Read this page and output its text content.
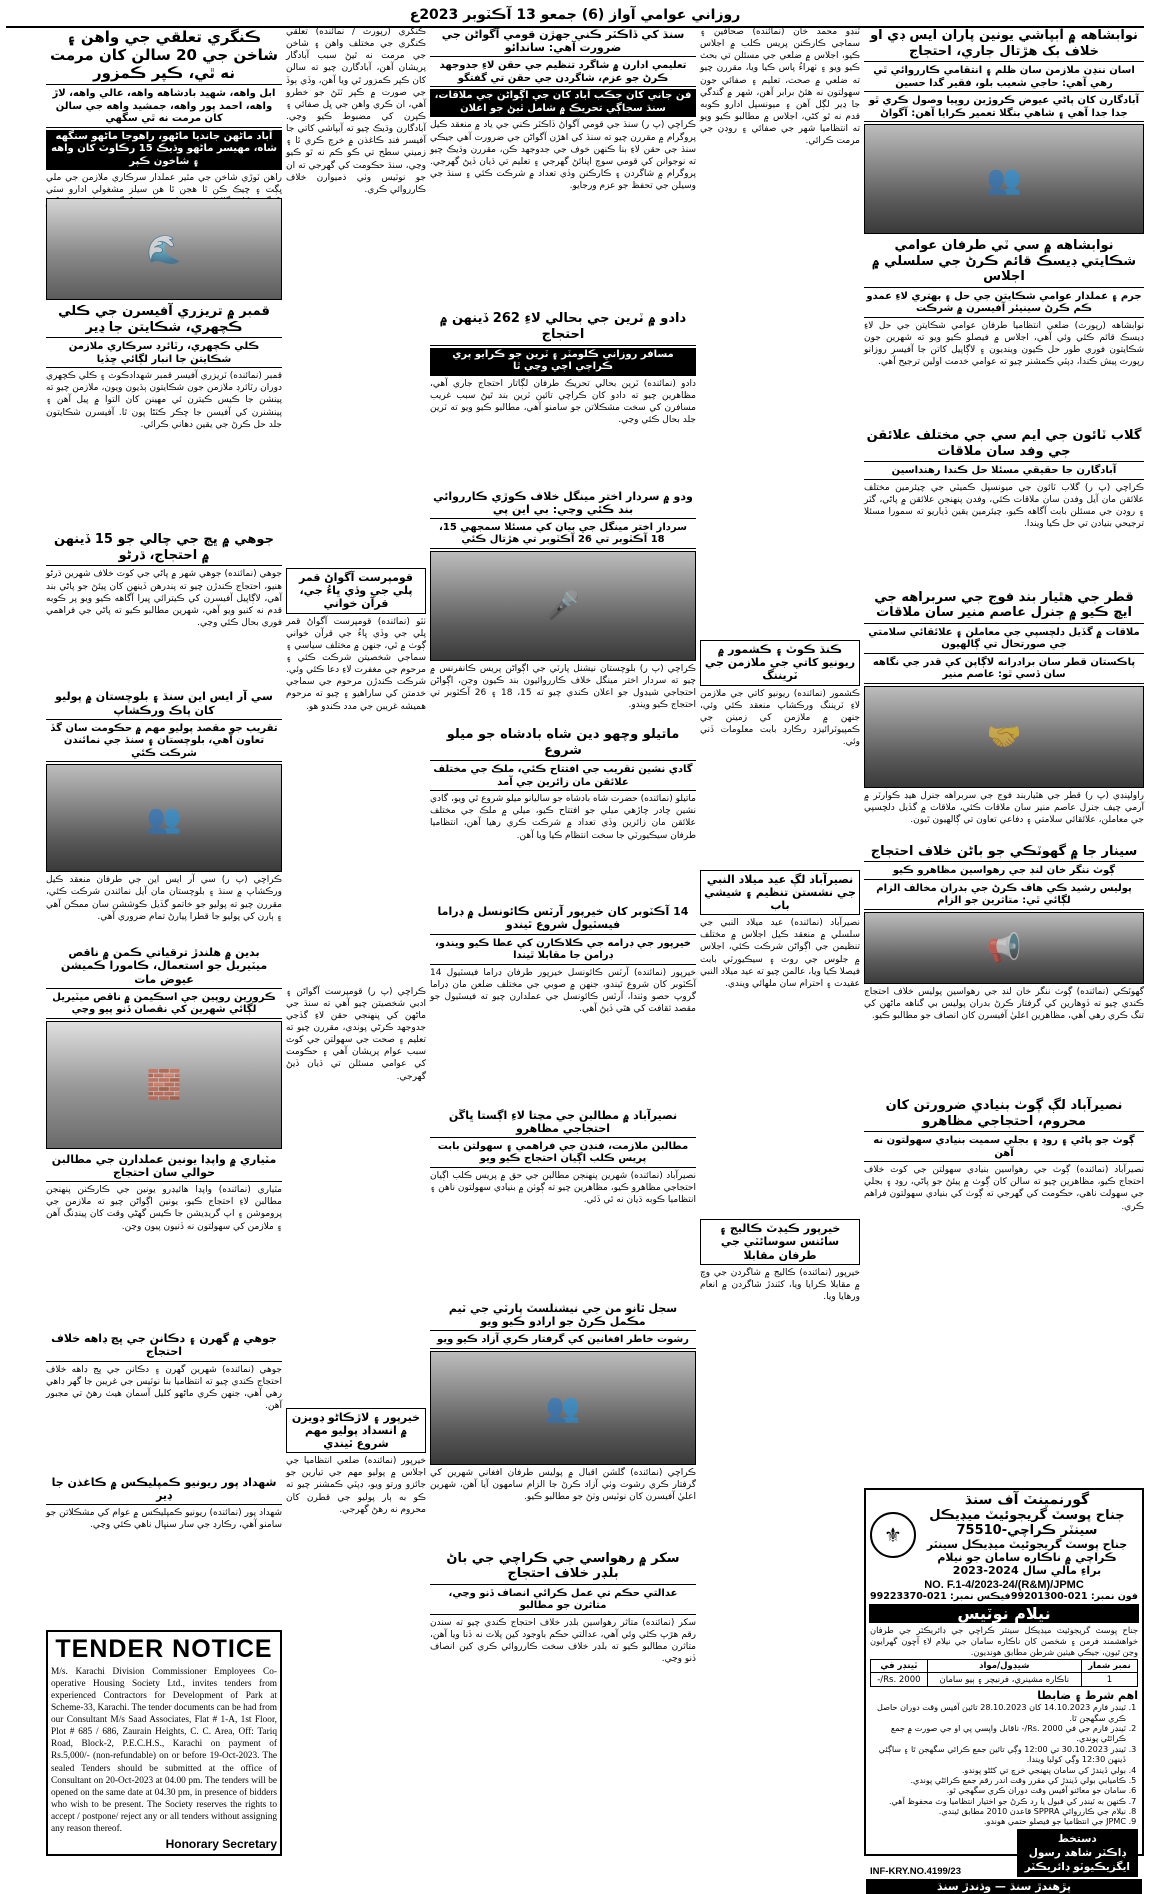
روزاني عوامي آواز (6) جمعو 13 آڪٽوبر 2023ع
نوابشاهه ۾ آبپاشي يونين پاران ايس ڊي او خلاف بک هڙتال جاري، احتجاج
اسان ننڍن ملازمن سان ظلم ۽ انتقامي ڪارروائي ٿي رهي آهي: حاجي شعيب بلو، فقير گدا حسين
آبادگارن کان پاڻي عيوض ڪروڙين روپيا وصول ڪري ٿو جدا جدا آهي ۽ شاهي بنگلا تعمير ڪرايا آهن: آگواڻ
👥
نوابشاهه ۾ سي ٽي طرفان عوامي شڪايتي ڊيسڪ قائم ڪرڻ جي سلسلي ۾ اجلاس
جرم ۽ عملدار عوامي شڪايتن جي حل ۽ بهتري لاءِ عمدو ڪم ڪرڻ سينيئر آفيسرن ۾ شرڪت
نوابشاهه (رپورٽ) ضلعي انتظاميا طرفان عوامي شڪايتن جي حل لاءِ ڊيسڪ قائم ڪئي وئي آهي، اجلاس ۾ فيصلو ڪيو ويو ته شهرين جون شڪايتون فوري طور حل ڪيون وينديون ۽ لاڳاپيل کاتن جا آفيسر روزانو رپورٽ پيش ڪندا، ڊپٽي ڪمشنر چيو ته عوامي خدمت اولين ترجيح آهي.
گلاب ٽائون جي ايم سي جي مختلف علائقن جي وفد سان ملاقات
آبادگارن جا حقيقي مسئلا حل ڪندا رهنداسين
ڪراچي (پ ر) گلاب ٽائون جي ميونسپل ڪميٽي جي چيئرمين مختلف علائقن مان آيل وفدن سان ملاقات ڪئي، وفدن پنهنجن علائقن ۾ پاڻي، گٽر ۽ روڊن جي مسئلن بابت آگاهه ڪيو، چيئرمين يقين ڏياريو ته سمورا مسئلا ترجيحي بنيادن تي حل ڪيا ويندا.
قطر جي هٿيار بند فوج جي سربراهه جي ايڇ ڪيو ۾ جنرل عاصم منير سان ملاقات
ملاقات ۾ گڏيل دلچسپي جي معاملن ۽ علائقائي سلامتي جي صورتحال تي ڳالهيون
پاڪستان قطر سان برادرانه لاڳاپن کي قدر جي نگاهه سان ڏسي ٿو: عاصم منير
🤝
راولپنڊي (پ ر) قطر جي هٿياربند فوج جي سربراهه جنرل هيڊ ڪوارٽر ۾ آرمي چيف جنرل عاصم منير سان ملاقات ڪئي، ملاقات ۾ گڏيل دلچسپي جي معاملن، علائقائي سلامتي ۽ دفاعي تعاون تي ڳالهيون ٿيون.
سينار جا ۾ گهوٽڪي جو باڻن خلاف احتجاج
ڳوٺ ننگر خان لنڊ جي رهواسين مظاهرو ڪيو
پوليس رشيد ڪي هاف ڪرڻ جي بدران مخالف الزام لڳائي ٿي: متاثرين جو الزام
📢
گهوٽڪي (نمائنده) ڳوٺ ننگر خان لنڊ جي رهواسين پوليس خلاف احتجاج ڪندي چيو ته ڏوهارين کي گرفتار ڪرڻ بدران پوليس بي گناهه ماڻهن کي تنگ ڪري رهي آهي، مظاهرين اعليٰ آفيسرن کان انصاف جو مطالبو ڪيو.
نصيرآباد لڳ ڳوٺ بنيادي ضرورتن کان محروم، احتجاجي مظاهرو
ڳوٺ جو پاڻي ۽ روڊ ۽ بجلي سميت بنيادي سهولتون نه آهن
نصيرآباد (نمائنده) ڳوٺ جي رهواسين بنيادي سهولتن جي کوٽ خلاف احتجاج ڪيو، مظاهرين چيو ته سالن کان ڳوٺ ۾ پيئڻ جو پاڻي، روڊ ۽ بجلي جي سهولت ناهي، حڪومت کي گهرجي ته ڳوٺ کي بنيادي سهولتون فراهم ڪري.
گورنمينٽ آف سنڌ
جناح پوسٽ گريجوئيٽ ميڊيڪل سينٽر ڪراچي-75510
جناح پوسٽ گريجوئيٽ ميڊيڪل سينٽر ڪراچي ۾ ناڪاره سامان جو نيلام
براءِ مالي سال 2024-2023
⚜
NO. F.1-4/2023-24/(R&M)/JPMC
فون نمبر: 021-99201300
فيڪس نمبر: 021-99223370
نيلام نوٽيس
جناح پوسٽ گريجوئيٽ ميڊيڪل سينٽر ڪراچي جي ڊائريڪٽر جي طرفان خواهشمند فرمن ۽ شخصن کان ناڪاره سامان جي نيلام لاءِ آڇون گهرايون وڃن ٿيون، جيڪي هيٺين شرطن مطابق هونديون.
نمبر شمار	شيڊول/مواد	ٽينڊر في
1	ناڪاره مشينري، فرنيچر ۽ ٻيو سامان	Rs. 2000/-
اهم شرط ۽ ضابطا
1. ٽينڊر فارم 14.10.2023 کان 28.10.2023 تائين آفيس وقت دوران حاصل ڪري سگهجن ٿا.
2. ٽينڊر فارم جي في Rs. 2000/- ناقابل واپسي پي او جي صورت ۾ جمع ڪرائڻي پوندي.
3. ٽينڊر 30.10.2023 تي 12:00 وڳي تائين جمع ڪرائي سگهجن ٿا ۽ ساڳئي ڏينهن 12:30 وڳي کوليا ويندا.
4. بولي ڏيندڙ کي سامان پنهنجي خرچ تي کڻڻو پوندو.
5. ڪاميابي بولي ڏيندڙ کي مقرر وقت اندر رقم جمع ڪرائڻي پوندي.
6. سامان جو معائنو آفيس وقت دوران ڪري سگهجي ٿو.
7. ڪنهن به ٽينڊر کي قبول يا رد ڪرڻ جو اختيار انتظاميا وٽ محفوظ آهي.
8. نيلام جي ڪارروائي SPPRA قاعدن 2010 مطابق ٿيندي.
9. JPMC جي انتظاميا جو فيصلو حتمي هوندو.
دستخط
ڊاڪٽر شاهد رسول
ايگزيڪيوٽو ڊائريڪٽر
INF-KRY.NO.4199/23
پڙهندڙ سنڌ — وڌندڙ سنڌ
ٽنڊو محمد خان (نمائنده) صحافين ۽ سماجي ڪارڪنن پريس ڪلب ۾ اجلاس ڪيو، اجلاس ۾ ضلعي جي مسئلن تي بحث ڪيو ويو ۽ ٺهراءُ پاس ڪيا ويا، مقررن چيو ته ضلعي ۾ صحت، تعليم ۽ صفائي جون سهولتون نه هئڻ برابر آهن، شهر ۾ گندگي جا ڍير لڳل آهن ۽ ميونسپل ادارو ڪوبه قدم نه ٿو کڻي، اجلاس ۾ مطالبو ڪيو ويو ته انتظاميا شهر جي صفائي ۽ روڊن جي مرمت ڪرائي.
ڪنڌ ڪوٽ ۽ ڪشمور ۾ ريونيو کاتي جي ملازمن جي ٽريننگ
ڪشمور (نمائنده) ريونيو کاتي جي ملازمن لاءِ ٽريننگ ورڪشاپ منعقد ڪئي وئي، جنهن ۾ ملازمن کي زمينن جي ڪمپيوٽرائيزڊ رڪارڊ بابت معلومات ڏني وئي.
نصيرآباد لڳ عيد ميلاد النبي جي نشستن تنظيم ۽ شيشي باب
نصيرآباد (نمائنده) عيد ميلاد النبي جي سلسلي ۾ منعقد ڪيل اجلاس ۾ مختلف تنظيمن جي اڳواڻن شرڪت ڪئي، اجلاس ۾ جلوس جي روٽ ۽ سيڪيورٽي بابت فيصلا ڪيا ويا، عالمن چيو ته عيد ميلاد النبي عقيدت ۽ احترام سان ملهائي ويندي.
خيرپور ڪيڊٽ ڪاليج ۽ سائنس سوسائٽي جي طرفان مقابلا
خيرپور (نمائنده) ڪاليج ۾ شاگردن جي وچ ۾ مقابلا ڪرايا ويا، کٽندڙ شاگردن ۾ انعام ورهايا ويا.
سنڌ کي ڏاڪٽر ڪني جهڙن قومي آگواڻن جي ضرورت آهي: ساندائو
تعليمي ادارن ۾ شاگرد تنظيم جي حقن لاءِ جدوجهد ڪرڻ جو عزم، شاگردن جي حقن تي گفتگو
فن جاني کان جڪب آباد کان جي اڳواڻن جي ملاقات، سنڌ سجاڳي تحريڪ ۾ شامل ٿيڻ جو اعلان
ڪراچي (پ ر) سنڌ جي قومي آگواڻ ڏاڪٽر ڪني جي ياد ۾ منعقد ڪيل پروگرام ۾ مقررن چيو ته سنڌ کي اهڙن آگواڻن جي ضرورت آهي جيڪي سنڌ جي حقن لاءِ بنا ڪنهن خوف جي جدوجهد ڪن، مقررن وڌيڪ چيو ته نوجوانن کي قومي سوچ اپنائڻ گهرجي ۽ تعليم تي ڌيان ڏيڻ گهرجي. پروگرام ۾ شاگردن ۽ ڪارڪنن وڏي تعداد ۾ شرڪت ڪئي ۽ سنڌ جي وسيلن جي تحفظ جو عزم ورجايو.
دادو ۾ ٽرين جي بحالي لاءِ 262 ڏينهن ۾ احتجاج
مسافر روزاني ڪلومٽر ۽ ٽرين جو ڪرايو پري ڪراچي اچي وڃي ٿا
دادو (نمائنده) ٽرين بحالي تحريڪ طرفان لڳاتار احتجاج جاري آهي، مظاهرين چيو ته دادو کان ڪراچي تائين ٽرين بند ٿيڻ سبب غريب مسافرن کي سخت مشڪلاتن جو سامنو آهي، مطالبو ڪيو ويو ته ٽرين جلد بحال ڪئي وڃي.
ودو ۾ سردار اختر مينگل خلاف ڪوڙي ڪارروائي بند ڪئي وڃي: بي اين پي
سردار اختر مينگل جي بيان کي مسئلا سمجهي 15، 18 آڪٽوبر تي 26 آڪٽوبر تي هڙتال ڪئي
🎤
ڪراچي (پ ر) بلوچستان نيشنل پارٽي جي اڳواڻن پريس ڪانفرنس ۾ چيو ته سردار اختر مينگل خلاف ڪارروائيون بند ڪيون وڃن، اڳواڻن احتجاجي شيڊول جو اعلان ڪندي چيو ته 15، 18 ۽ 26 آڪٽوبر تي احتجاج ڪيو ويندو.
ماتيلو وچهو دين شاه بادشاه جو ميلو شروع
گادي نشين تقريب جي افتتاح ڪئي، ملڪ جي مختلف علائقن مان زائرين جي آمد
ماتيلو (نمائنده) حضرت شاه بادشاه جو ساليانو ميلو شروع ٿي ويو، گادي نشين چادر چاڙهي ميلي جو افتتاح ڪيو، ميلي ۾ ملڪ جي مختلف علائقن مان زائرين وڏي تعداد ۾ شرڪت ڪري رهيا آهن، انتظاميا طرفان سيڪيورٽي جا سخت انتظام ڪيا ويا آهن.
14 آڪٽوبر کان خيرپور آرٽس ڪائونسل ۾ ڊراما فيسٽيول شروع ٿيندو
خيرپور جي ڊرامه جي ڪلاڪارن کي عطا ڪيو ويندو، ڊرامن جا مقابلا ٿيندا
خيرپور (نمائنده) آرٽس ڪائونسل خيرپور طرفان ڊراما فيسٽيول 14 آڪٽوبر کان شروع ٿيندو، جنهن ۾ صوبي جي مختلف ضلعن مان ڊراما گروپ حصو وٺندا، آرٽس ڪائونسل جي عملدارن چيو ته فيسٽيول جو مقصد ثقافت کي هٿي ڏيڻ آهي.
نصيرآباد ۾ مطالبن جي مڃتا لاءِ اڳستا ڀاڱن احتجاجي مظاهرو
مطالبن ملازمت، فنڊن جي فراهمي ۽ سهولتن بابت پريس ڪلب اڳيان احتجاج ڪيو ويو
نصيرآباد (نمائنده) شهرين پنهنجن مطالبن جي حق ۾ پريس ڪلب اڳيان احتجاجي مظاهرو ڪيو، مظاهرين چيو ته ڳوٺن ۾ بنيادي سهولتون ناهن ۽ انتظاميا ڪوبه ڌيان نه ٿي ڏئي.
سجل ٿانو من جي نيشنلسٽ پارٽي جي ٽيم مڪمل ڪرڻ جو ارادو ڪيو ويو
رشوت خاطر افغانين کي گرفتار ڪري آزاد ڪيو ويو
👥
ڪراچي (نمائنده) گلشن اقبال ۾ پوليس طرفان افغاني شهرين کي گرفتار ڪري رشوت وٺي آزاد ڪرڻ جا الزام سامهون آيا آهن، شهرين اعليٰ آفيسرن کان نوٽيس وٺڻ جو مطالبو ڪيو.
سکر ۾ رهواسي جي ڪراچي جي باڻ بلڊر خلاف احتجاج
عدالتي حڪم تي عمل ڪرائي انصاف ڏنو وڃي، متاثرن جو مطالبو
سکر (نمائنده) متاثر رهواسين بلڊر خلاف احتجاج ڪندي چيو ته سندن رقم هڙپ ڪئي وئي آهي، عدالتي حڪم باوجود کين پلاٽ نه ڏنا ويا آهن، متاثرن مطالبو ڪيو ته بلڊر خلاف سخت ڪارروائي ڪري کين انصاف ڏنو وڃي.
ڪنگري (رپورٽ / نمائنده) تعلقي ڪنگري جي مختلف واهن ۽ شاخن جي مرمت نه ٿيڻ سبب آبادگار پريشان آهن، آبادگارن چيو ته سالن کان ڪپر ڪمزور ٿي ويا آهن، وڏي ٻوڏ جي صورت ۾ ڪپر ٽٽڻ جو خطرو آهي، ان ڪري واهن جي ڀل صفائي ۽ ڪپرن کي مضبوط ڪيو وڃي. آبادگارن وڌيڪ چيو ته آبپاشي کاتي جا آفيسر فنڊ ڪاغذن ۾ خرچ ڪري ٿا ۽ زميني سطح تي ڪو ڪم نه ٿو ڪيو وڃي، سنڌ حڪومت کي گهرجي ته ان جو نوٽيس وٺي ذميوارن خلاف ڪارروائي ڪري.
قومپرست آگواڻ قمر پلي جي وڏي ڀاءُ جي، قرآن خواني
ٺٽو (نمائنده) قومپرست آگواڻ قمر پلي جي وڏي ڀاءُ جي قرآن خواني ڳوٺ ۾ ٿي، جنهن ۾ مختلف سياسي ۽ سماجي شخصيتن شرڪت ڪئي ۽ مرحوم جي مغفرت لاءِ دعا ڪئي وئي. شرڪت ڪندڙن مرحوم جي سماجي خدمتن کي ساراهيو ۽ چيو ته مرحوم هميشه غريبن جي مدد ڪندو هو.
ڪراچي (پ ر) قومپرست آگواڻن ۽ ادبي شخصيتن چيو آهي ته سنڌ جي ماڻهن کي پنهنجي حقن لاءِ گڏجي جدوجهد ڪرڻي پوندي، مقررن چيو ته تعليم ۽ صحت جي سهولتن جي کوٽ سبب عوام پريشان آهي ۽ حڪومت کي عوامي مسئلن تي ڌيان ڏيڻ گهرجي.
خيرپور ۽ لاڙڪاڻو ڊويزن ۾ انسداد پوليو مهم شروع ٿيندي
خيرپور (نمائنده) ضلعي انتظاميا جي اجلاس ۾ پوليو مهم جي تيارين جو جائزو ورتو ويو، ڊپٽي ڪمشنر چيو ته ڪو به ٻار پوليو جي قطرن کان محروم نه رهڻ گهرجي.
ڪنگري تعلقي جي واهن ۽ شاخن جي 20 سالن کان مرمت نه ٿي، ڪپر ڪمزور
ابل واهه، شهيد بادشاهه واهه، عالي واهه، لاڙ واهه، احمد پور واهه، جمشيد واهه جي سالن کان مرمت نه ٿي سگهي
آباد ماڻهن جانديا ماڻهو، راهوجا ماڻهو سنگهه شاه، مهيسر ماڻهو وڌيڪ 15 رڪاوٽ کان واهه ۽ شاخون ڪپر
راهن ٽوڙي شاخن جي مٿير عملدار سرڪاري ملازمن جي ملي ڀڳت ۽ چيڪ ڪن ٿا هجن ٿا هن سيلز مشغولي ادارو سٽي
🌊
قمبر ۾ تريزري آفيسرن جي ڪلي ڪچهري، شڪايتن جا ڍير
ڪلي ڪچهري، رٽائرڊ سرڪاري ملازمن شڪايتن جا انبار لڳائي ڇڏيا
قمبر (نمائنده) ٽريزري آفيسر قمبر شهدادڪوٽ ۽ ڪلي ڪچهري دوران رٽائرڊ ملازمن جون شڪايتون ٻڌيون ويون، ملازمن چيو ته پينشن جا ڪيس ڪيترن ئي مهينن کان التوا ۾ پيل آهن ۽ پينشنرن کي آفيسن جا چڪر ڪٽڻا پون ٿا. آفيسرن شڪايتون جلد حل ڪرڻ جي يقين دهاني ڪرائي.
جوهي ۾ ڀڄ جي چالي جو 15 ڏينهن ۾ احتجاج، ڌرڻو
جوهي (نمائنده) جوهي شهر ۾ پاڻي جي کوٽ خلاف شهرين ڌرڻو هنيو، احتجاج ڪندڙن چيو ته پندرهن ڏينهن کان پيئڻ جو پاڻي بند آهي، لاڳاپيل آفيسرن کي ڪيترائي ڀيرا آگاهه ڪيو ويو پر ڪوبه قدم نه کنيو ويو آهي، شهرين مطالبو ڪيو ته پاڻي جي فراهمي فوري بحال ڪئي وڃي.
سي آر ايس اين سنڌ ۽ بلوچستان ۾ پوليو کان پاڪ ورڪشاپ
تقريب جو مقصد پوليو مهم ۾ حڪومت سان گڏ تعاون آهي، بلوچستان ۽ سنڌ جي نمائندن شرڪت ڪئي
👥
ڪراچي (پ ر) سي آر ايس اين جي طرفان منعقد ڪيل ورڪشاپ ۾ سنڌ ۽ بلوچستان مان آيل نمائندن شرڪت ڪئي، مقررن چيو ته پوليو جو خاتمو گڏيل ڪوششن سان ممڪن آهي ۽ ٻارن کي پوليو جا قطرا پيارڻ تمام ضروري آهي.
بدين ۾ هلندڙ ترقياتي ڪمن ۾ ناقص ميٽيريل جو استعمال، ڪامورا ڪميشن عيوض مات
ڪرورين روپين جي اسڪيمن ۾ ناقص ميٽيريل لڳائي شهرين کي نقصان ڏنو پيو وڃي
🧱
مٽياري ۾ واپڊا يونين عملدارن جي مطالبن حوالي سان احتجاج
مٽياري (نمائنده) واپڊا هائيڊرو يونين جي ڪارڪنن پنهنجن مطالبن لاءِ احتجاج ڪيو، يونين اڳواڻن چيو ته ملازمن جي پروموشن ۽ اپ گريڊيشن جا ڪيس گهڻي وقت کان پينڊنگ آهن ۽ ملازمن کي سهولتون نه ڏنيون پيون وڃن.
جوهي ۾ گهرن ۽ دڪانن جي ڀڃ ڊاهه خلاف احتجاج
جوهي (نمائنده) شهرين گهرن ۽ دڪانن جي ڀڃ ڊاهه خلاف احتجاج ڪندي چيو ته انتظاميا بنا نوٽيس جي غريبن جا گهر ڊاهي رهي آهي، جنهن ڪري ماڻهو کليل آسمان هيٺ رهڻ تي مجبور آهن.
شهداد پور ريونيو ڪمپليڪس ۾ ڪاغذن جا ڍير
شهداد پور (نمائنده) ريونيو ڪمپليڪس ۾ عوام کي مشڪلاتن جو سامنو آهي، رڪارڊ جي سار سنڀال ناهي ڪئي وڃي.
TENDER NOTICE

M/s. Karachi Division Commissioner Employees Co-operative Housing Society Ltd., invites tenders from experienced Contractors for Development of Park at Scheme-33, Karachi. The tender documents can be had from our Consultant M/s Saad Associates, Flat # 1-A, 1st Floor, Plot # 685 / 686, Zaurain Heights, C. C. Area, Off: Tariq Road, Block-2, P.E.C.H.S., Karachi on payment of Rs.5,000/- (non-refundable) on or before 19-Oct-2023. The sealed Tenders should be submitted at the office of Consultant on 20-Oct-2023 at 04.00 pm. The tenders will be opened on the same date at 04.30 pm, in presence of bidders who wish to be present. The Society reserves the rights to accept / postpone/ reject any or all tenders without assigning any reason thereof.

Honorary Secretary
